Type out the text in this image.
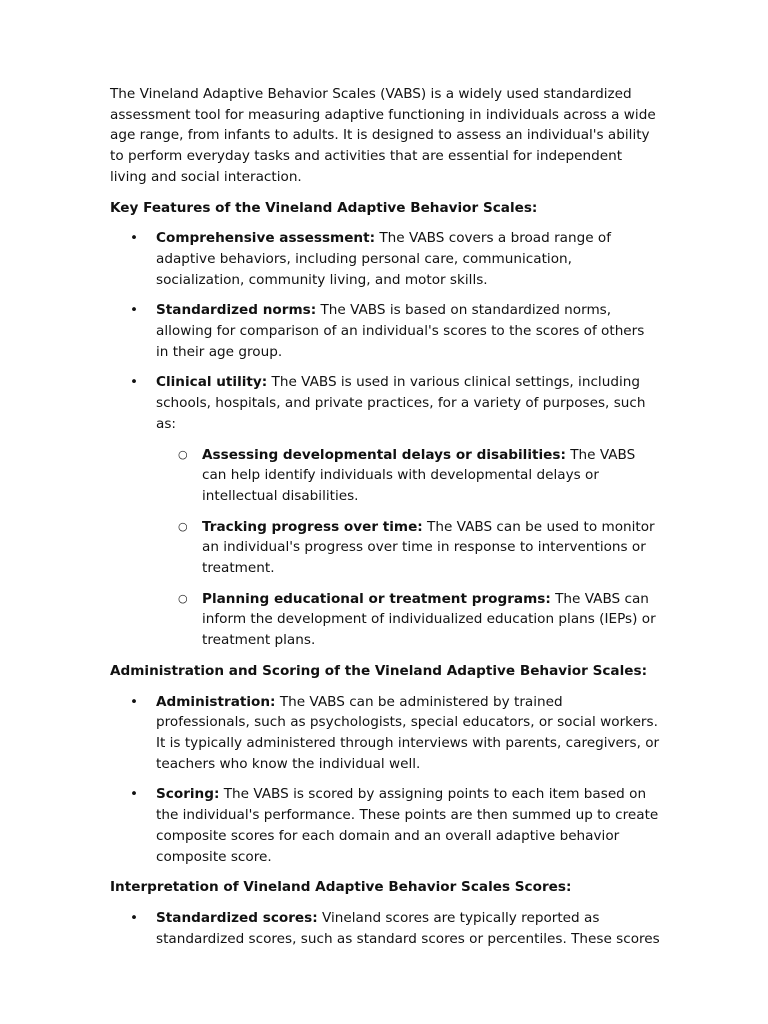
The Vineland Adaptive Behavior Scales (VABS) is a widely used standardized assessment tool for measuring adaptive functioning in individuals across a wide age range, from infants to adults. It is designed to assess an individual's ability to perform everyday tasks and activities that are essential for independent living and social interaction.

Key Features of the Vineland Adaptive Behavior Scales:

• Comprehensive assessment: The VABS covers a broad range of adaptive behaviors, including personal care, communication, socialization, community living, and motor skills.
• Standardized norms: The VABS is based on standardized norms, allowing for comparison of an individual's scores to the scores of others in their age group.
• Clinical utility: The VABS is used in various clinical settings, including schools, hospitals, and private practices, for a variety of purposes, such as:
○ Assessing developmental delays or disabilities: The VABS can help identify individuals with developmental delays or intellectual disabilities.
○ Tracking progress over time: The VABS can be used to monitor an individual's progress over time in response to interventions or treatment.
○ Planning educational or treatment programs: The VABS can inform the development of individualized education plans (IEPs) or treatment plans.

Administration and Scoring of the Vineland Adaptive Behavior Scales:

• Administration: The VABS can be administered by trained professionals, such as psychologists, special educators, or social workers. It is typically administered through interviews with parents, caregivers, or teachers who know the individual well.
• Scoring: The VABS is scored by assigning points to each item based on the individual's performance. These points are then summed up to create composite scores for each domain and an overall adaptive behavior composite score.

Interpretation of Vineland Adaptive Behavior Scales Scores:

• Standardized scores: Vineland scores are typically reported as standardized scores, such as standard scores or percentiles. These scores
